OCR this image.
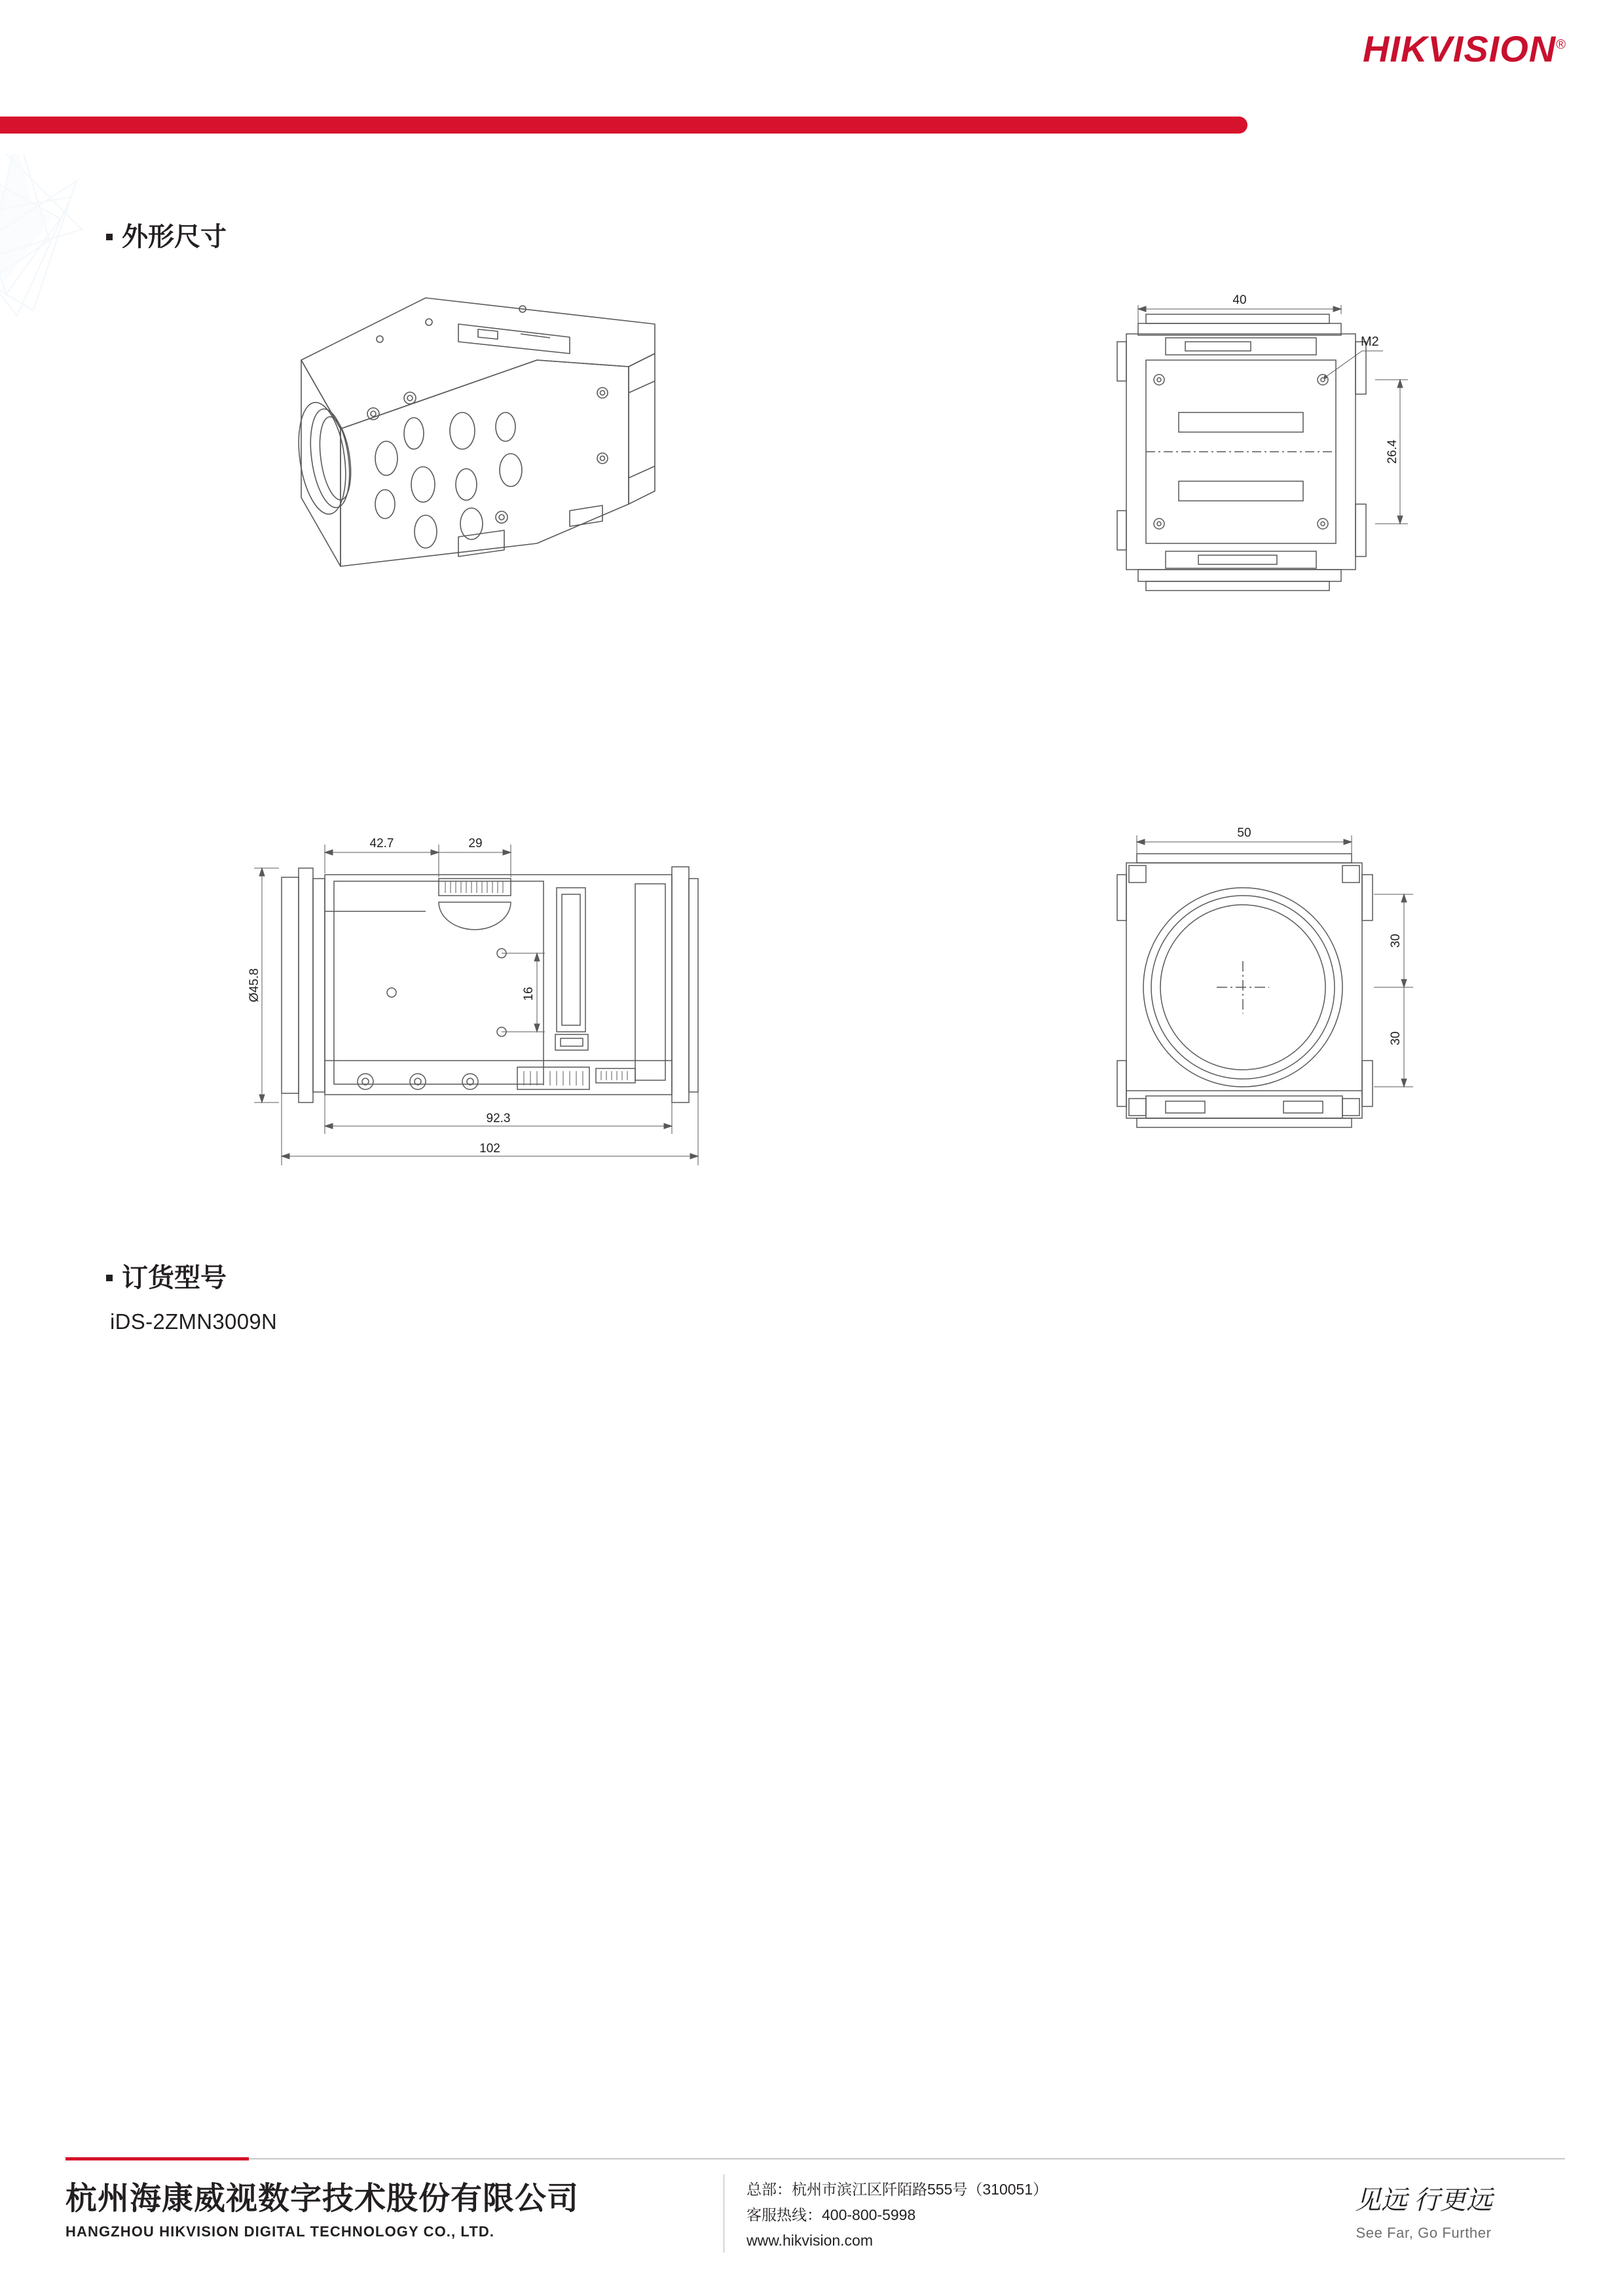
HIKVISION®
外形尺寸
40
26.4
M2
42.7	29
Ø45.8	16
92.3
102
50
30
30
订货型号
iDS-2ZMN3009N
杭州海康威视数字技术股份有限公司
HANGZHOU HIKVISION DIGITAL TECHNOLOGY CO., LTD.
总部：杭州市滨江区阡陌路555号（310051）
客服热线：400-800-5998
www.hikvision.com
见远 行更远
See Far, Go Further
